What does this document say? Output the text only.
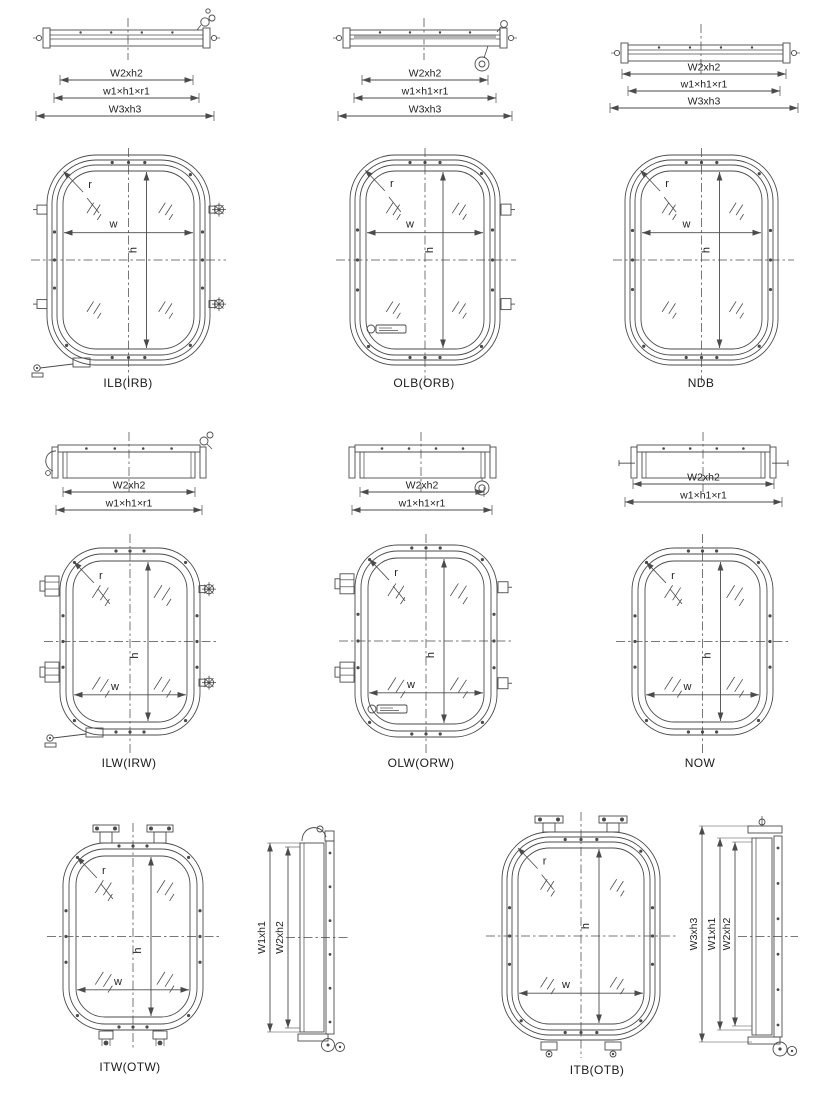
W2xh2
w1×h1×r1
W3xh3
W2xh2
w1×h1×r1
W3xh3
W2xh2
w1×h1×r1
W3xh3
w
h
r
w
h
r
w
h
r
ILB(IRB)	OLB(ORB)	NDB
W2xh2
w1×h1×r1
W2xh2
w1×h1×r1
W2xh2
w1×h1×r1
w
h
r
w
h
r
w
h
r
ILW(IRW)	OLW(ORW)	NOW
w
h
r
W1xh1 W2xh2
w
h
r
W3xh3 W1xh1 W2xh2
ITW(OTW)	ITB(OTB)
